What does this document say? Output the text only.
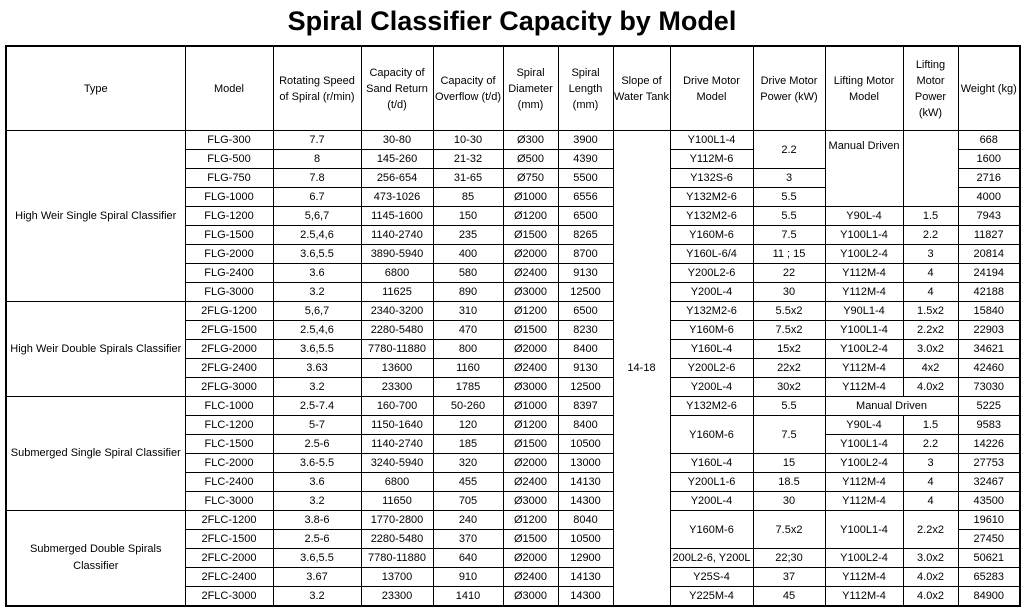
Spiral Classifier Capacity by Model
Type	Model	Rotating Speed of Spiral (r/min)	Capacity of Sand Return (t/d)	Capacity of Overflow (t/d)	Spiral Diameter (mm)	Spiral Length (mm)	Slope of Water Tank	Drive Motor Model	Drive Motor Power (kW)	Lifting Motor Model	Lifting Motor Power (kW)	Weight (kg)
High Weir Single Spiral Classifier	FLG-300	7.7	30-80	10-30	Ø300	3900	14-18	Y100L1-4	2.2	Manual Driven		668
	FLG-500	8	145-260	21-32	Ø500	4390		Y112M-6				1600
	FLG-750	7.8	256-654	31-65	Ø750	5500		Y132S-6	3			2716
	FLG-1000	6.7	473-1026	85	Ø1000	6556		Y132M2-6	5.5			4000
	FLG-1200	5,6,7	1145-1600	150	Ø1200	6500		Y132M2-6	5.5	Y90L-4	1.5	7943
	FLG-1500	2.5,4,6	1140-2740	235	Ø1500	8265		Y160M-6	7.5	Y100L1-4	2.2	11827
	FLG-2000	3.6,5.5	3890-5940	400	Ø2000	8700		Y160L-6/4	11 ; 15	Y100L2-4	3	20814
	FLG-2400	3.6	6800	580	Ø2400	9130		Y200L2-6	22	Y112M-4	4	24194
	FLG-3000	3.2	11625	890	Ø3000	12500		Y200L-4	30	Y112M-4	4	42188
High Weir Double Spirals Classifier	2FLG-1200	5,6,7	2340-3200	310	Ø1200	6500		Y132M2-6	5.5x2	Y90L1-4	1.5x2	15840
	2FLG-1500	2.5,4,6	2280-5480	470	Ø1500	8230		Y160M-6	7.5x2	Y100L1-4	2.2x2	22903
	2FLG-2000	3.6,5.5	7780-11880	800	Ø2000	8400		Y160L-4	15x2	Y100L2-4	3.0x2	34621
	2FLG-2400	3.63	13600	1160	Ø2400	9130		Y200L2-6	22x2	Y112M-4	4x2	42460
	2FLG-3000	3.2	23300	1785	Ø3000	12500		Y200L-4	30x2	Y112M-4	4.0x2	73030
Submerged Single Spiral Classifier	FLC-1000	2.5-7.4	160-700	50-260	Ø1000	8397		Y132M2-6	5.5	Manual Driven		5225
	FLC-1200	5-7	1150-1640	120	Ø1200	8400		Y160M-6	7.5	Y90L-4	1.5	9583
	FLC-1500	2.5-6	1140-2740	185	Ø1500	10500				Y100L1-4	2.2	14226
	FLC-2000	3.6-5.5	3240-5940	320	Ø2000	13000		Y160L-4	15	Y100L2-4	3	27753
	FLC-2400	3.6	6800	455	Ø2400	14130		Y200L1-6	18.5	Y112M-4	4	32467
	FLC-3000	3.2	11650	705	Ø3000	14300		Y200L-4	30	Y112M-4	4	43500
Submerged Double Spirals Classifier	2FLC-1200	3.8-6	1770-2800	240	Ø1200	8040		Y160M-6	7.5x2	Y100L1-4	2.2x2	19610
	2FLC-1500	2.5-6	2280-5480	370	Ø1500	10500						27450
	2FLC-2000	3.6,5.5	7780-11880	640	Ø2000	12900		200L2-6, Y200L	22;30	Y100L2-4	3.0x2	50621
	2FLC-2400	3.67	13700	910	Ø2400	14130		Y25S-4	37	Y112M-4	4.0x2	65283
	2FLC-3000	3.2	23300	1410	Ø3000	14300		Y225M-4	45	Y112M-4	4.0x2	84900
